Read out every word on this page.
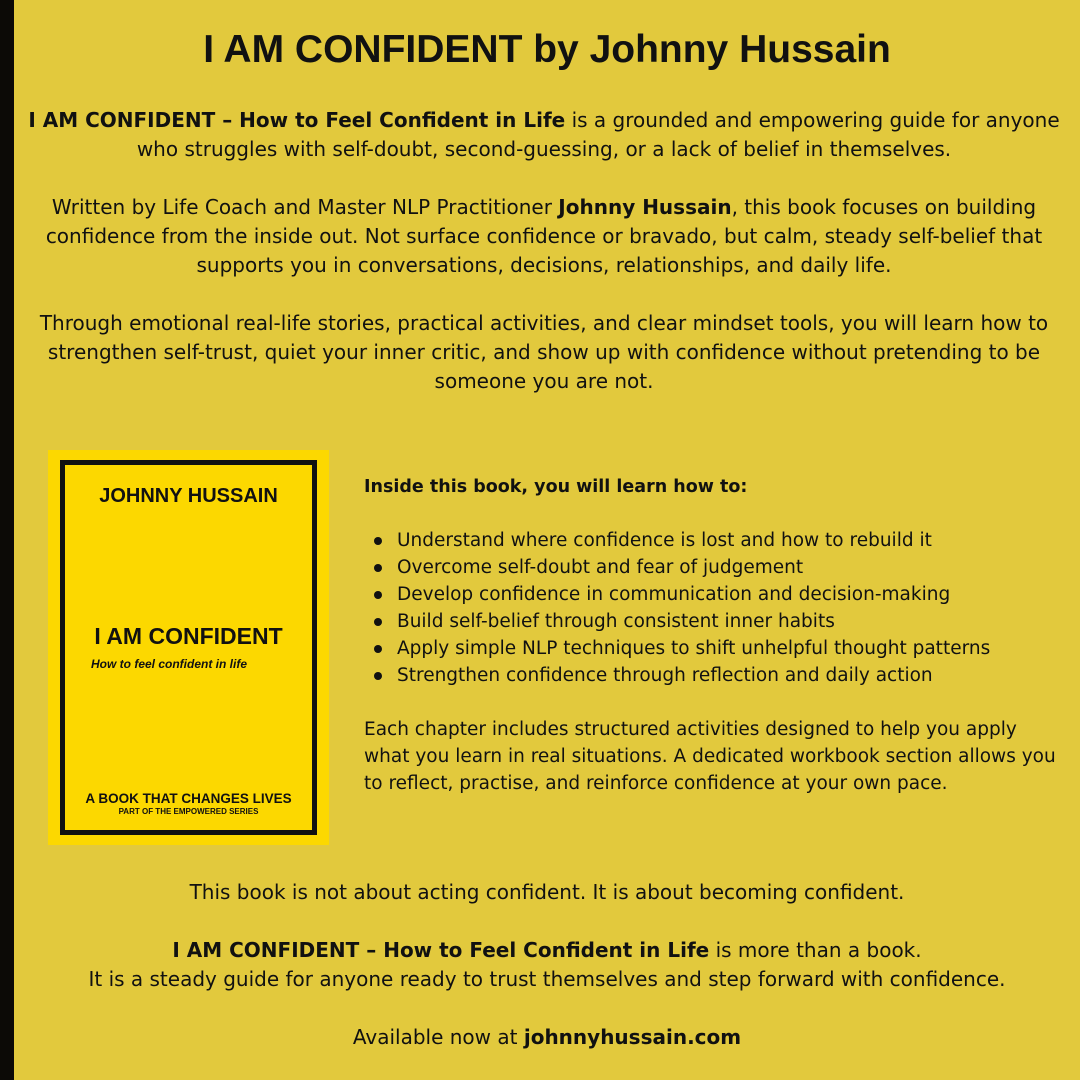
I AM CONFIDENT by Johnny Hussain

I AM CONFIDENT – How to Feel Confident in Life is a grounded and empowering guide for anyone who struggles with self-doubt, second-guessing, or a lack of belief in themselves.

Written by Life Coach and Master NLP Practitioner Johnny Hussain, this book focuses on building confidence from the inside out. Not surface confidence or bravado, but calm, steady self-belief that supports you in conversations, decisions, relationships, and daily life.

Through emotional real-life stories, practical activities, and clear mindset tools, you will learn how to strengthen self-trust, quiet your inner critic, and show up with confidence without pretending to be someone you are not.

JOHNNY HUSSAIN
I AM CONFIDENT
How to feel confident in life
A BOOK THAT CHANGES LIVES
PART OF THE EMPOWERED SERIES

Inside this book, you will learn how to:

Understand where confidence is lost and how to rebuild it
Overcome self-doubt and fear of judgement
Develop confidence in communication and decision-making
Build self-belief through consistent inner habits
Apply simple NLP techniques to shift unhelpful thought patterns
Strengthen confidence through reflection and daily action

Each chapter includes structured activities designed to help you apply what you learn in real situations. A dedicated workbook section allows you to reflect, practise, and reinforce confidence at your own pace.

This book is not about acting confident. It is about becoming confident.

I AM CONFIDENT – How to Feel Confident in Life is more than a book.
It is a steady guide for anyone ready to trust themselves and step forward with confidence.

Available now at johnnyhussain.com
